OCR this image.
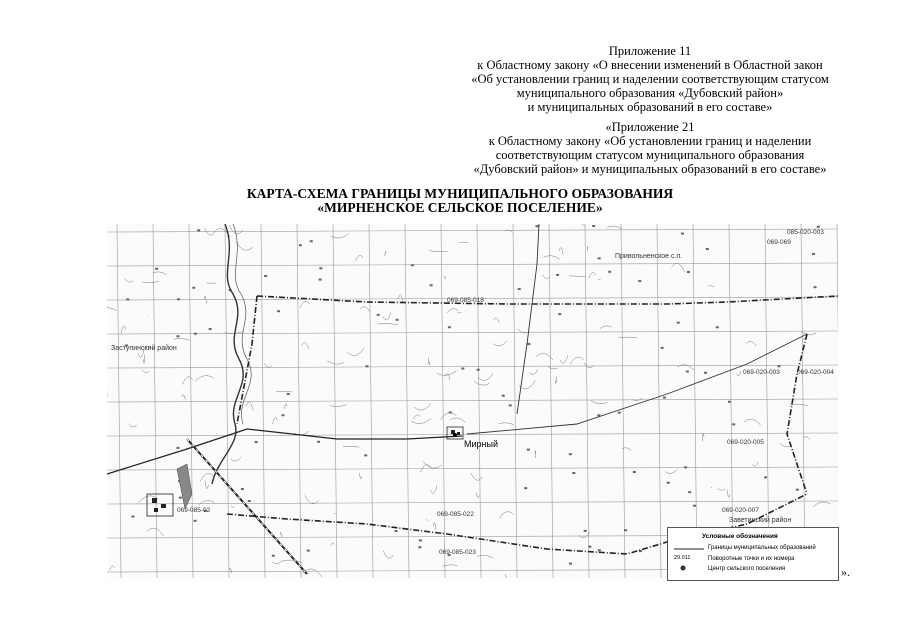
Приложение 11
к Областному закону «О внесении изменений в Областной закон
«Об установлении границ и наделении соответствующим статусом
муниципального образования «Дубовский район»
и муниципальных образований в его составе»
«Приложение 21
к Областному закону «Об установлении границ и наделении
соответствующим статусом муниципального образования
«Дубовский район» и муниципальных образований в его составе»
КАРТА-СХЕМА ГРАНИЦЫ МУНИЦИПАЛЬНОГО ОБРАЗОВАНИЯ
«МИРНЕНСКОЕ СЕЛЬСКОЕ ПОСЕЛЕНИЕ»
Мирный
Привольненское с.п.
Заветинский район
Заступинский район
069-085-018
069-085-022
069-085-023
069-085-02
069-020-003	069-020-004
069-020-005
069-020-007
085-020-003
069-069
Условные обозначения
Границы муниципальных образований
29.011	Поворотные точки и их номера
Центр сельского поселения	».
